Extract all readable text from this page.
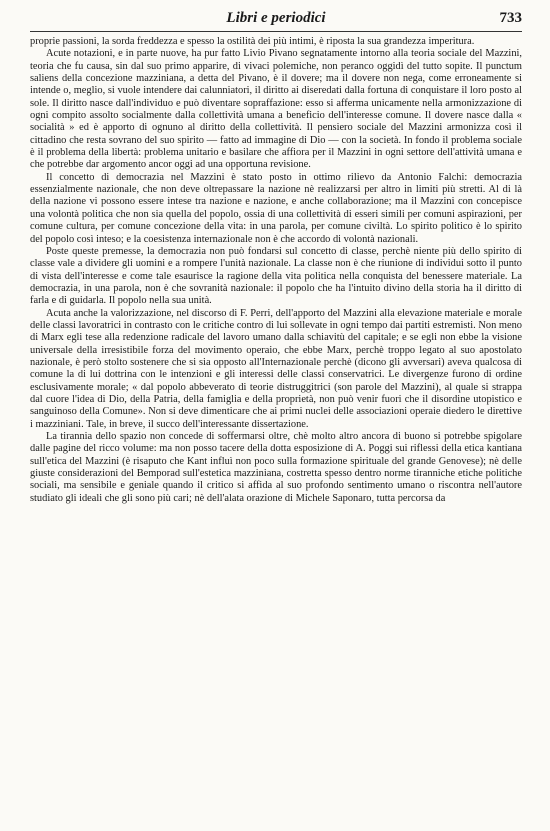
Libri e periodici	733

proprie passioni, la sorda freddezza e spesso la ostilità dei più intimi, è riposta la sua grandezza imperitura.

Acute notazioni, e in parte nuove, ha pur fatto Livio Pivano segnatamente intorno alla teoria sociale del Mazzini, teoria che fu causa, sin dal suo primo apparire, di vivaci polemiche, non peranco oggidì del tutto sopite. Il punctum saliens della concezione mazziniana, a detta del Pivano, è il dovere; ma il dovere non nega, come erroneamente si intende o, meglio, si vuole intendere dai calunniatori, il diritto ai diseredati dalla fortuna di conquistare il loro posto al sole. Il diritto nasce dall'individuo e può diventare sopraffazione: esso si afferma unicamente nella armonizzazione di ogni compito assolto socialmente dalla collettività umana a beneficio dell'interesse comune. Il dovere nasce dalla « socialità » ed è apporto di ognuno al diritto della collettività. Il pensiero sociale del Mazzini armonizza così il cittadino che resta sovrano del suo spirito — fatto ad immagine di Dio — con la società. In fondo il problema sociale è il problema della libertà: problema unitario e basilare che affiora per il Mazzini in ogni settore dell'attività umana e che potrebbe dar argomento ancor oggi ad una opportuna revisione.

Il concetto di democrazia nel Mazzini è stato posto in ottimo rilievo da Antonio Falchi: democrazia essenzialmente nazionale, che non deve oltrepassare la nazione nè realizzarsi per altro in limiti più stretti. Al di là della nazione vi possono essere intese tra nazione e nazione, e anche collaborazione; ma il Mazzini con concepisce una volontà politica che non sia quella del popolo, ossia di una collettività di esseri simili per comuni aspirazioni, per comune cultura, per comune concezione della vita: in una parola, per comune civiltà. Lo spirito politico è lo spirito del popolo così inteso; e la coesistenza internazionale non è che accordo di volontà nazionali.

Poste queste premesse, la democrazia non può fondarsi sul concetto di classe, perchè niente più dello spirito di classe vale a dividere gli uomini e a rompere l'unità nazionale. La classe non è che riunione di individui sotto il punto di vista dell'interesse e come tale esaurisce la ragione della vita politica nella conquista del benessere materiale. La democrazia, in una parola, non è che sovranità nazionale: il popolo che ha l'intuito divino della storia ha il diritto di farla e di guidarla. Il popolo nella sua unità.

Acuta anche la valorizzazione, nel discorso di F. Perri, dell'apporto del Mazzini alla elevazione materiale e morale delle classi lavoratrici in contrasto con le critiche contro di lui sollevate in ogni tempo dai partiti estremisti. Non meno di Marx egli tese alla redenzione radicale del lavoro umano dalla schiavitù del capitale; e se egli non ebbe la visione universale della irresistibile forza del movimento operaio, che ebbe Marx, perchè troppo legato al suo apostolato nazionale, è però stolto sostenere che si sia opposto all'Internazionale perchè (dicono gli avversari) aveva qualcosa di comune la di lui dottrina con le intenzioni e gli interessi delle classi conservatrici. Le divergenze furono di ordine esclusivamente morale; « dal popolo abbeverato di teorie distruggitrici (son parole del Mazzini), al quale si strappa dal cuore l'idea di Dio, della Patria, della famiglia e della proprietà, non può venir fuori che il disordine utopistico e sanguinoso della Comune». Non si deve dimenticare che ai primi nuclei delle associazioni operaie diedero le direttive i mazziniani. Tale, in breve, il succo dell'interessante dissertazione.

La tirannia dello spazio non concede di soffermarsi oltre, chè molto altro ancora di buono si potrebbe spigolare dalle pagine del ricco volume: ma non posso tacere della dotta esposizione di A. Poggi sui riflessi della etica kantiana sull'etica del Mazzini (è risaputo che Kant influì non poco sulla formazione spirituale del grande Genovese); nè delle giuste considerazioni del Bemporad sull'estetica mazziniana, costretta spesso dentro norme tiranniche etiche politiche sociali, ma sensibile e geniale quando il critico si affida al suo profondo sentimento umano o riscontra nell'autore studiato gli ideali che gli sono più cari; nè dell'alata orazione di Michele Saponaro, tutta percorsa da
